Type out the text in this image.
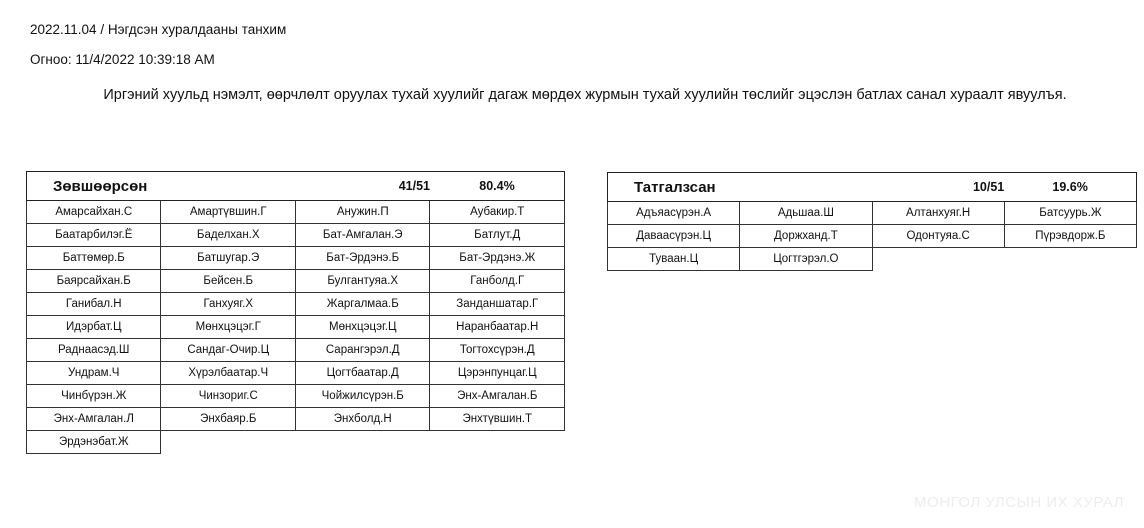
2022.11.04 / Нэгдсэн хуралдааны танхим
Огноо: 11/4/2022 10:39:18 AM
Иргэний хуульд нэмэлт, өөрчлөлт оруулах тухай хуулийг дагаж мөрдөх журмын тухай хуулийн төслийг эцэслэн батлах санал хураалт явуулъя.
Зөвшөөрсөн		41/51	80.4%
Амарсайхан.С	Амартүвшин.Г	Анужин.П	Аубакир.Т
Баатарбилэг.Ё	Баделхан.Х	Бат-Амгалан.Э	Батлут.Д
Баттөмөр.Б	Батшугар.Э	Бат-Эрдэнэ.Б	Бат-Эрдэнэ.Ж
Баярсайхан.Б	Бейсен.Б	Булгантуяа.Х	Ганболд.Г
Ганибал.Н	Ганхуяг.Х	Жаргалмаа.Б	Занданшатар.Г
Идэрбат.Ц	Мөнхцэцэг.Г	Мөнхцэцэг.Ц	Наранбаатар.Н
Раднаасэд.Ш	Сандаг-Очир.Ц	Сарангэрэл.Д	Тогтохсүрэн.Д
Ундрам.Ч	Хүрэлбаатар.Ч	Цогтбаатар.Д	Цэрэнпунцаг.Ц
Чинбүрэн.Ж	Чинзориг.С	Чойжилсүрэн.Б	Энх-Амгалан.Б
Энх-Амгалан.Л	Энхбаяр.Б	Энхболд.Н	Энхтүвшин.Т
Эрдэнэбат.Ж			
Татгалзсан		10/51	19.6%
Адъяасүрэн.А	Адьшаа.Ш	Алтанхуяг.Н	Батсуурь.Ж
Даваасүрэн.Ц	Доржханд.Т	Одонтуяа.С	Пүрэвдорж.Б
Туваан.Ц	Цогтгэрэл.О		
МОНГОЛ УЛСЫН ИХ ХУРАЛ
